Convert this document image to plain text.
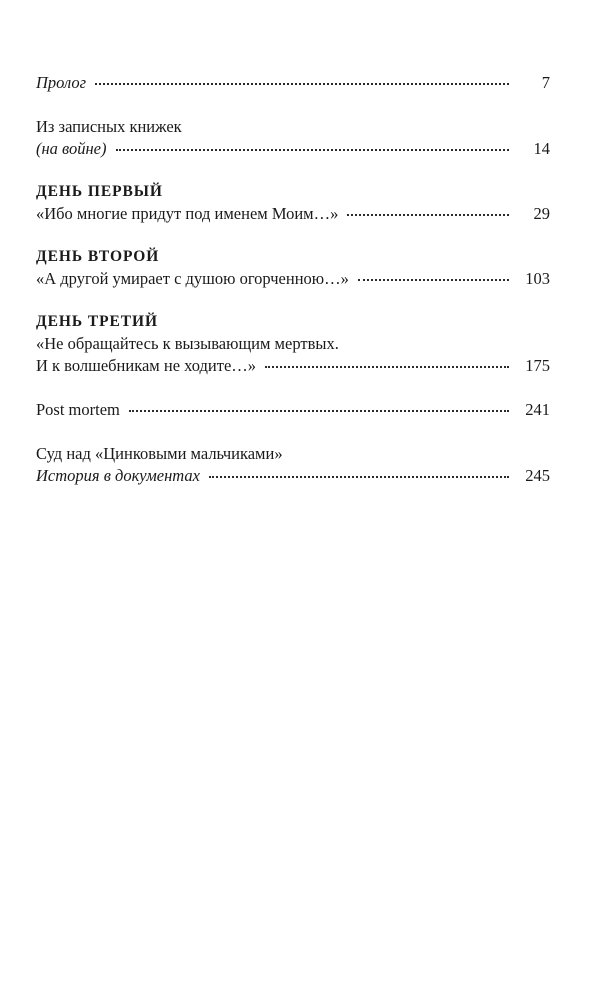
Пролог	7
Из записных книжек
(на войне)	14
ДЕНЬ ПЕРВЫЙ
«Ибо многие придут под именем Моим…»	29
ДЕНЬ ВТОРОЙ
«А другой умирает с душою огорченною…»	103
ДЕНЬ ТРЕТИЙ
«Не обращайтесь к вызывающим мертвых.
И к волшебникам не ходите…»	175
Post mortem	241
Суд над «Цинковыми мальчиками»
История в документах	245
